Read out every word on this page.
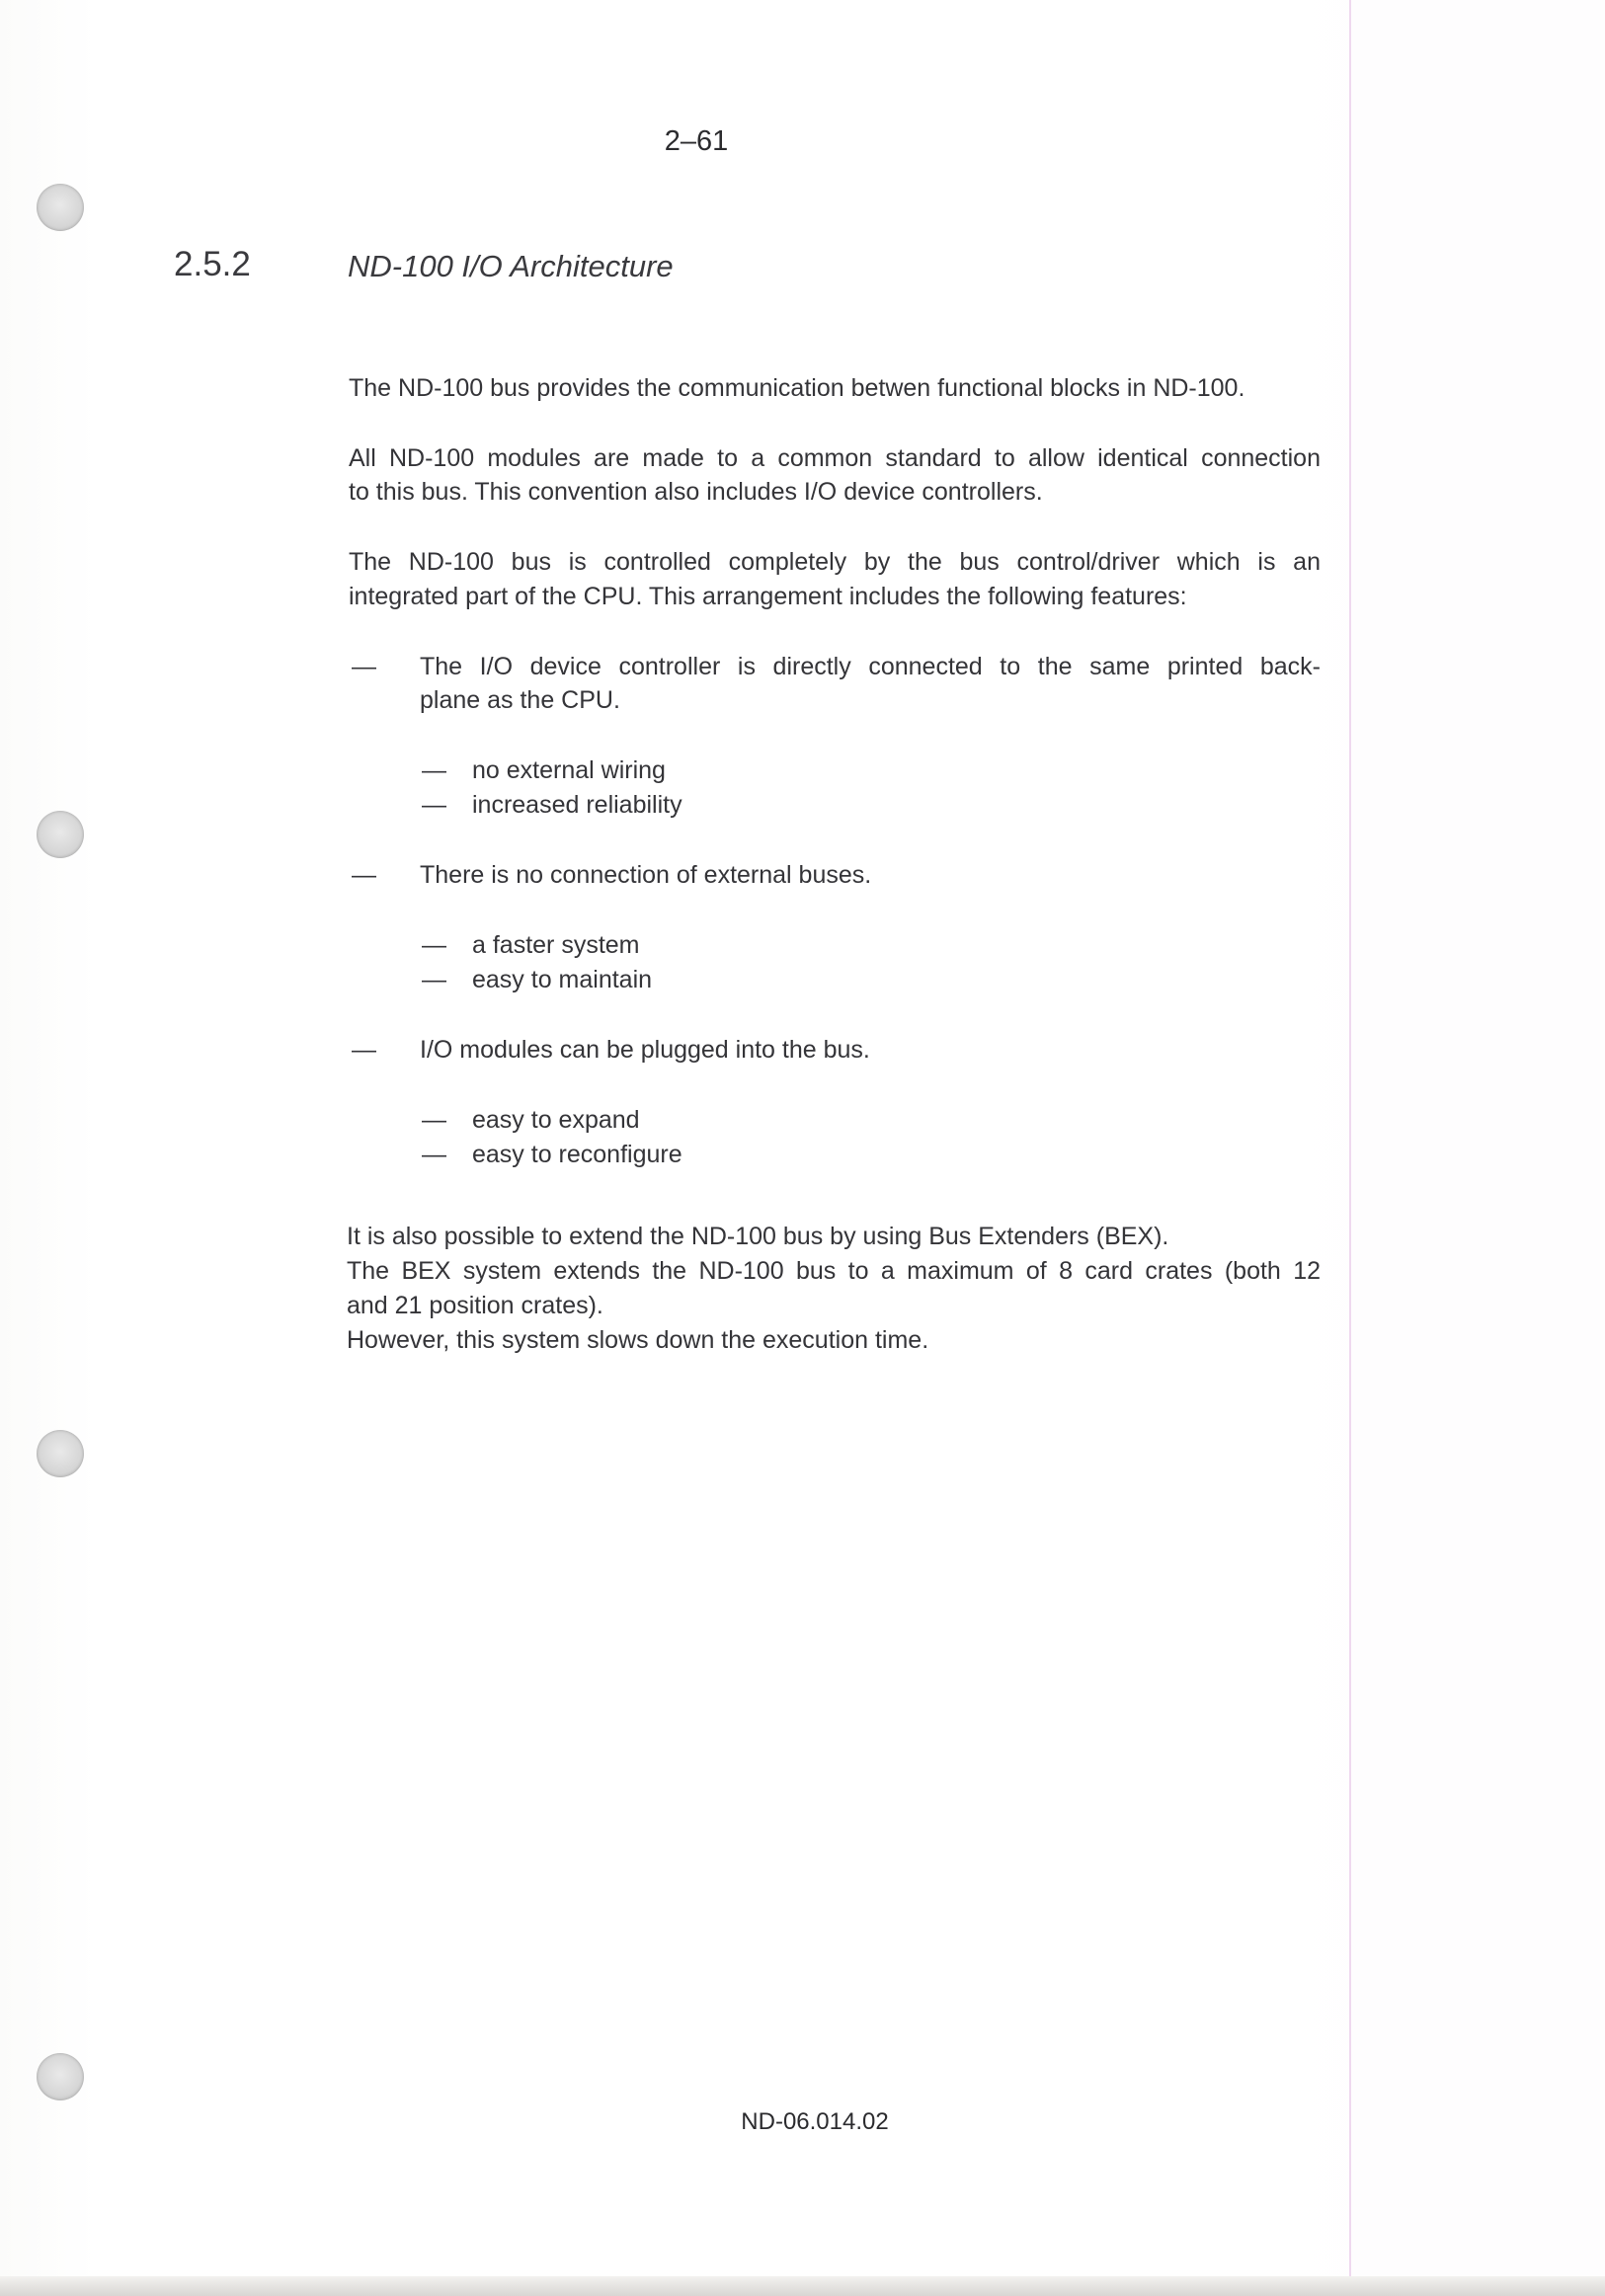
2–61
2.5.2	ND-100 I/O Architecture
The ND-100 bus provides the communication betwen functional blocks in ND-100.
All ND-100 modules are made to a common standard to allow identical connection
to this bus. This convention also includes I/O device controllers.
The ND-100 bus is controlled completely by the bus control/driver which is an
integrated part of the CPU. This arrangement includes the following features:
— The I/O device controller is directly connected to the same printed back-
plane as the CPU.
— no external wiring
— increased reliability
— There is no connection of external buses.
— a faster system
— easy to maintain
— I/O modules can be plugged into the bus.
— easy to expand
— easy to reconfigure
It is also possible to extend the ND-100 bus by using Bus Extenders (BEX).
The BEX system extends the ND-100 bus to a maximum of 8 card crates (both 12
and 21 position crates).
However, this system slows down the execution time.
ND-06.014.02
